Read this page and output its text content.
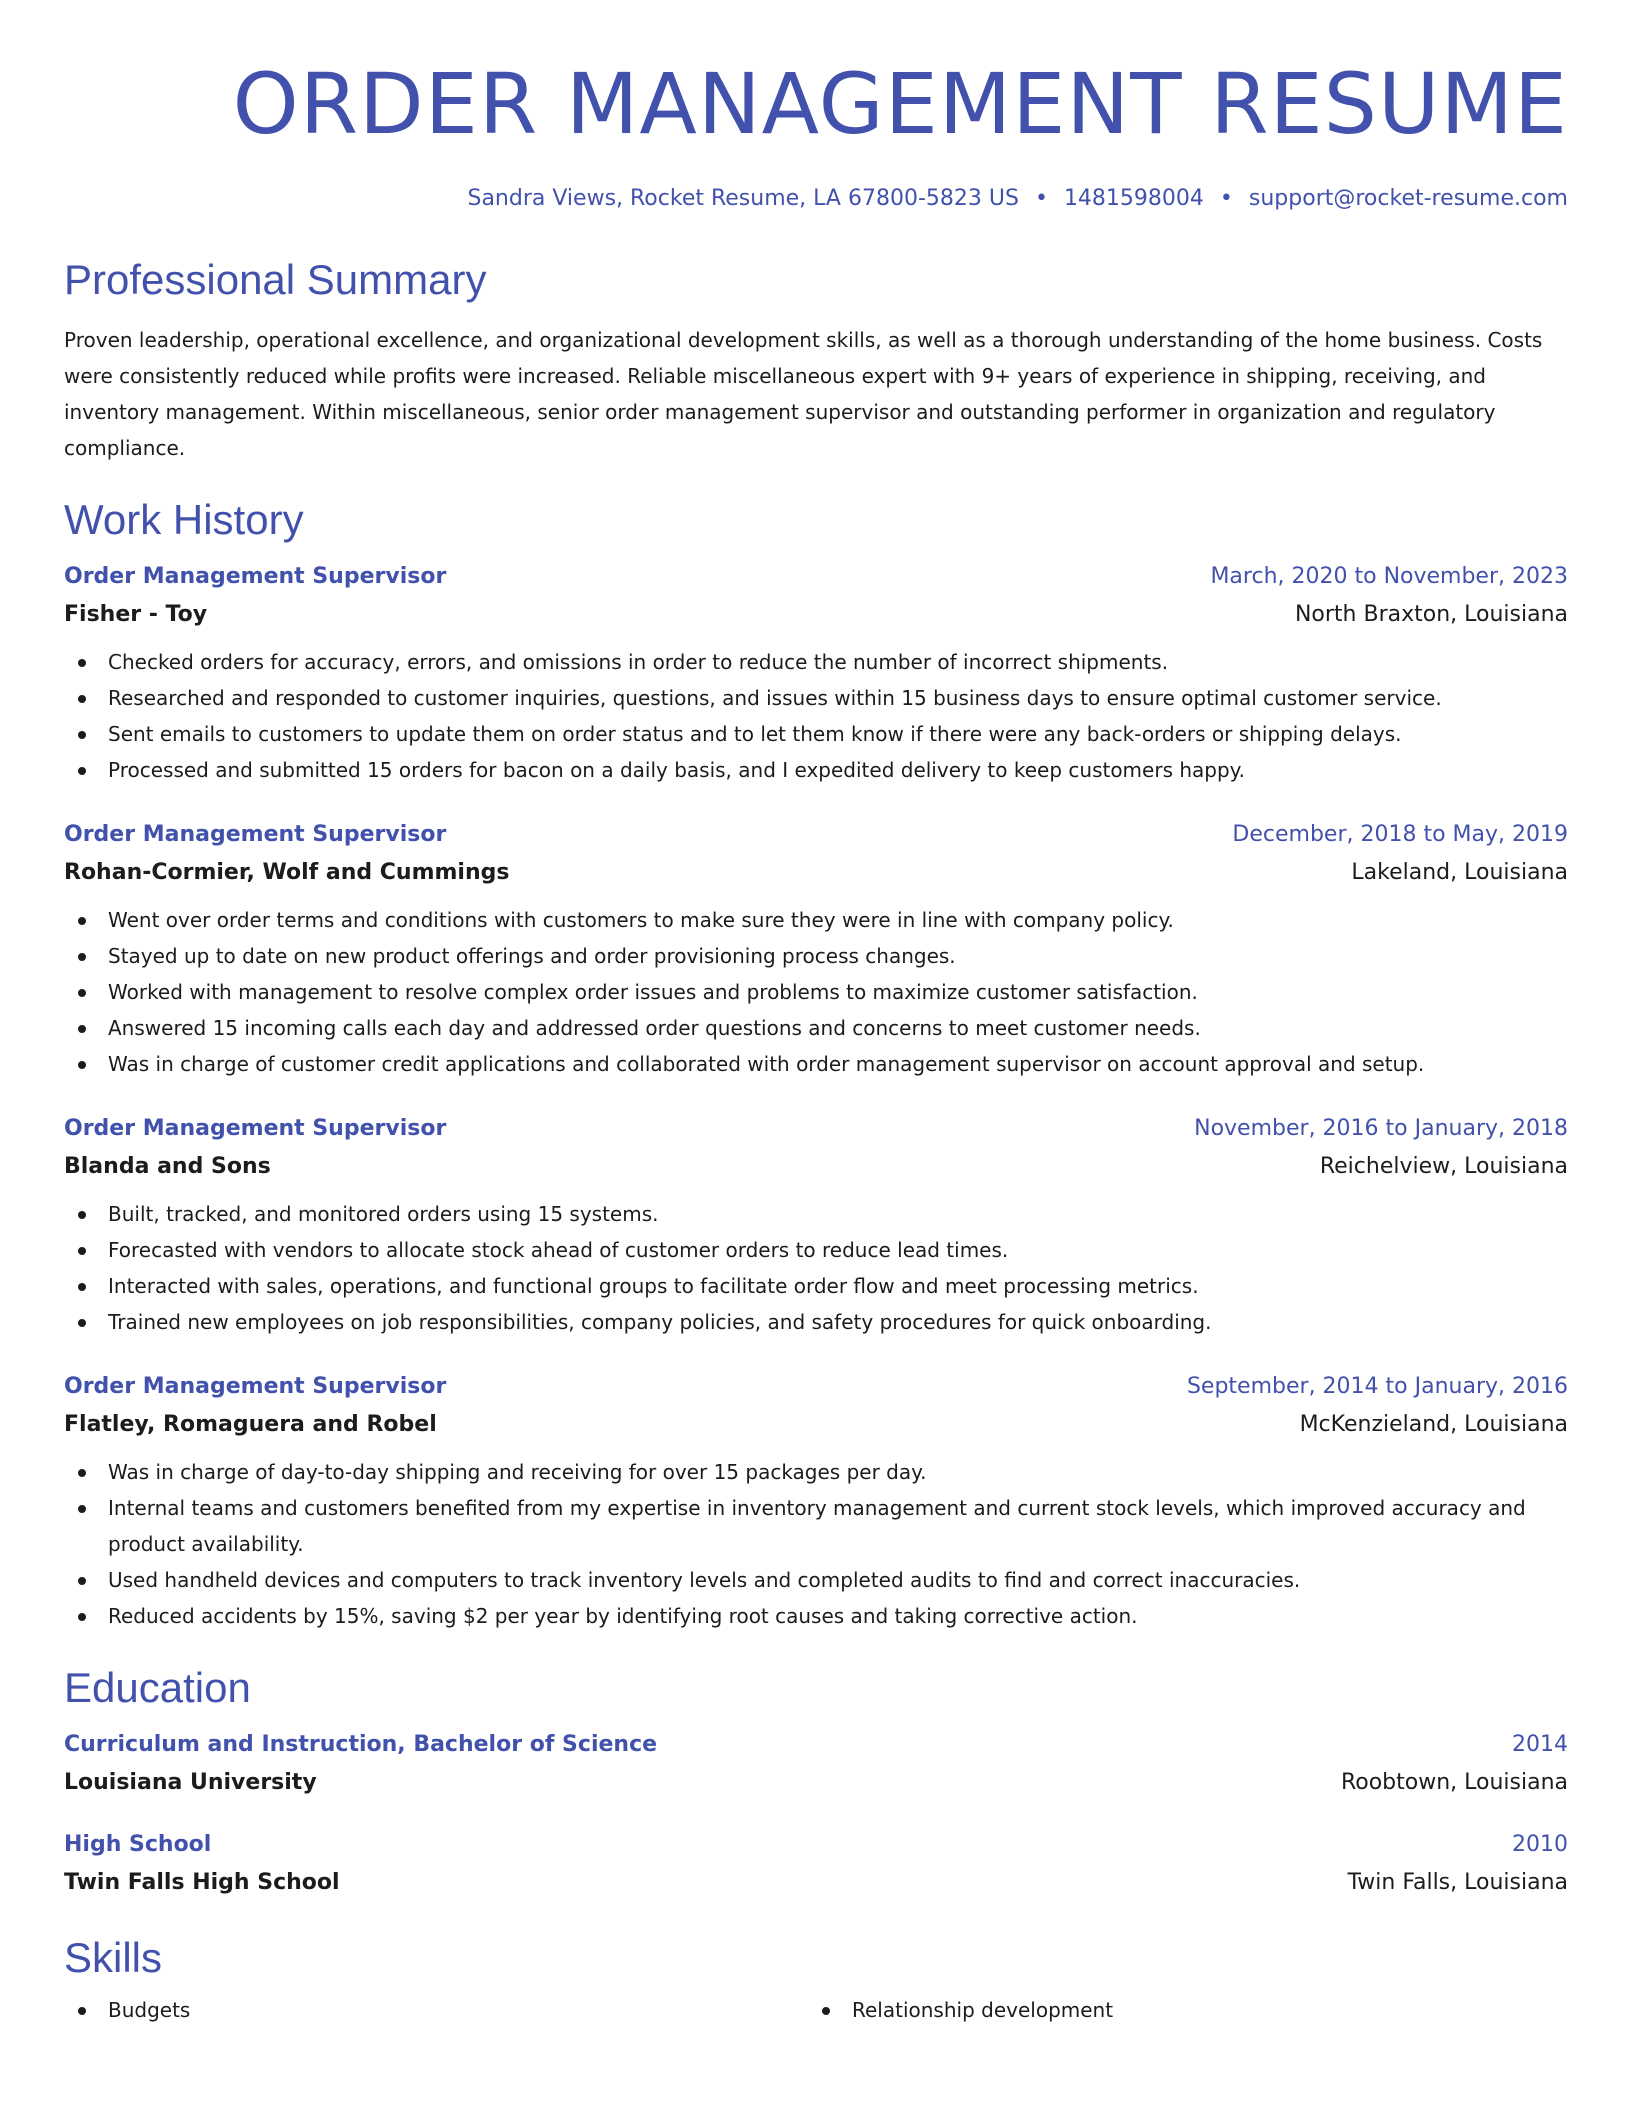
ORDER MANAGEMENT RESUME
Sandra Views, Rocket Resume, LA 67800-5823 US • 1481598004 • support@rocket-resume.com
Professional Summary

Proven leadership, operational excellence, and organizational development skills, as well as a thorough understanding of the home business. Costs were consistently reduced while profits were increased. Reliable miscellaneous expert with 9+ years of experience in shipping, receiving, and inventory management. Within miscellaneous, senior order management supervisor and outstanding performer in organization and regulatory compliance.

Work History
Order Management Supervisor	March, 2020 to November, 2023
Fisher - Toy	North Braxton, Louisiana
Checked orders for accuracy, errors, and omissions in order to reduce the number of incorrect shipments.
Researched and responded to customer inquiries, questions, and issues within 15 business days to ensure optimal customer service.
Sent emails to customers to update them on order status and to let them know if there were any back-orders or shipping delays.
Processed and submitted 15 orders for bacon on a daily basis, and I expedited delivery to keep customers happy.
Order Management Supervisor	December, 2018 to May, 2019
Rohan-Cormier, Wolf and Cummings	Lakeland, Louisiana
Went over order terms and conditions with customers to make sure they were in line with company policy.
Stayed up to date on new product offerings and order provisioning process changes.
Worked with management to resolve complex order issues and problems to maximize customer satisfaction.
Answered 15 incoming calls each day and addressed order questions and concerns to meet customer needs.
Was in charge of customer credit applications and collaborated with order management supervisor on account approval and setup.
Order Management Supervisor	November, 2016 to January, 2018
Blanda and Sons	Reichelview, Louisiana
Built, tracked, and monitored orders using 15 systems.
Forecasted with vendors to allocate stock ahead of customer orders to reduce lead times.
Interacted with sales, operations, and functional groups to facilitate order flow and meet processing metrics.
Trained new employees on job responsibilities, company policies, and safety procedures for quick onboarding.
Order Management Supervisor	September, 2014 to January, 2016
Flatley, Romaguera and Robel	McKenzieland, Louisiana
Was in charge of day-to-day shipping and receiving for over 15 packages per day.
Internal teams and customers benefited from my expertise in inventory management and current stock levels, which improved accuracy and product availability.
Used handheld devices and computers to track inventory levels and completed audits to find and correct inaccuracies.
Reduced accidents by 15%, saving $2 per year by identifying root causes and taking corrective action.
Education
Curriculum and Instruction, Bachelor of Science	2014
Louisiana University	Roobtown, Louisiana
High School	2010
Twin Falls High School	Twin Falls, Louisiana
Skills
Budgets	Relationship development
